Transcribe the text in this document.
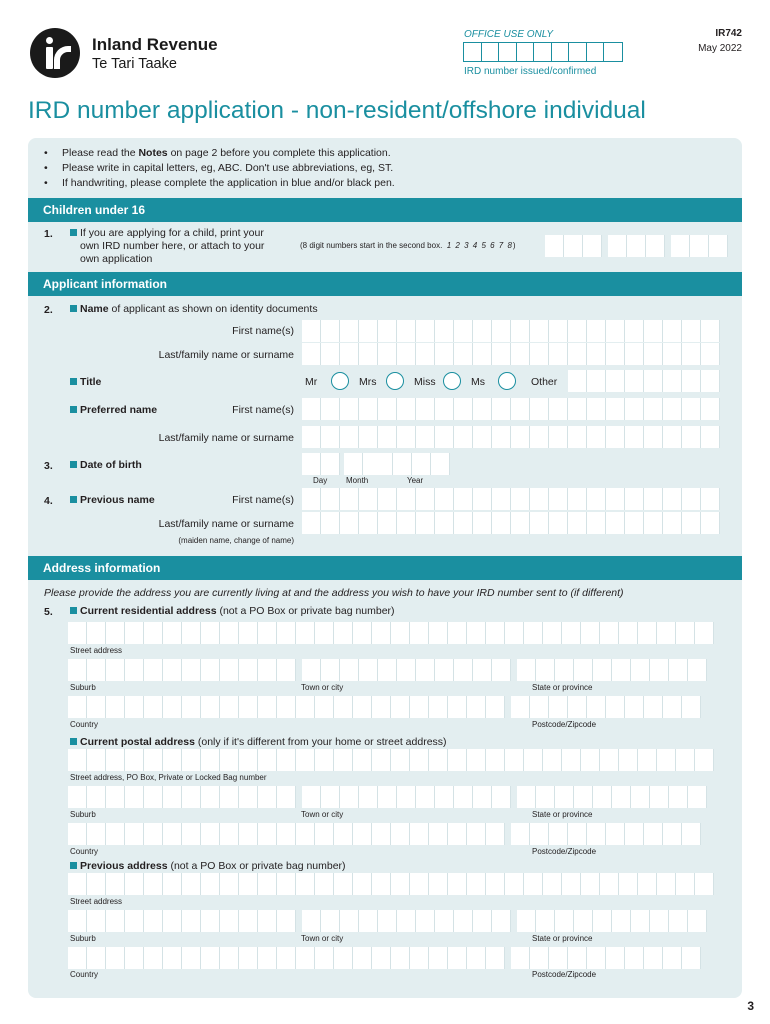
Inland Revenue
Te Tari Taake
OFFICE USE ONLY
IRD number issued/confirmed
IR742
May 2022
IRD number application - non-resident/offshore individual
• Please read the Notes on page 2 before you complete this application.
• Please write in capital letters, eg, ABC. Don't use abbreviations, eg, ST.
• If handwriting, please complete the application in blue and/or black pen.
Children under 16
1.	If you are applying for a child, print your
own IRD number here, or attach to your
own application
(8 digit numbers start in the second box. 1 2 3 4 5 6 7 8)
Applicant information
2.	Name of applicant as shown on identity documents
First name(s)
Last/family name or surname
Title	Mr	Mrs	Miss	Ms	Other
Preferred name	First name(s)
Last/family name or surname
3.	Date of birth
Day Month	Year
4.	Previous name	First name(s)
Last/family name or surname
(maiden name, change of name)
Address information
Please provide the address you are currently living at and the address you wish to have your IRD number sent to (if different)
5.	Current residential address (not a PO Box or private bag number)
Street address
Suburb	Town or city	State or province
Country	Postcode/Zipcode
Current postal address (only if it's different from your home or street address)
Street address, PO Box, Private or Locked Bag number
Suburb	Town or city	State or province
Country	Postcode/Zipcode
Previous address (not a PO Box or private bag number)
Street address
Suburb	Town or city	State or province
Country	Postcode/Zipcode
3
